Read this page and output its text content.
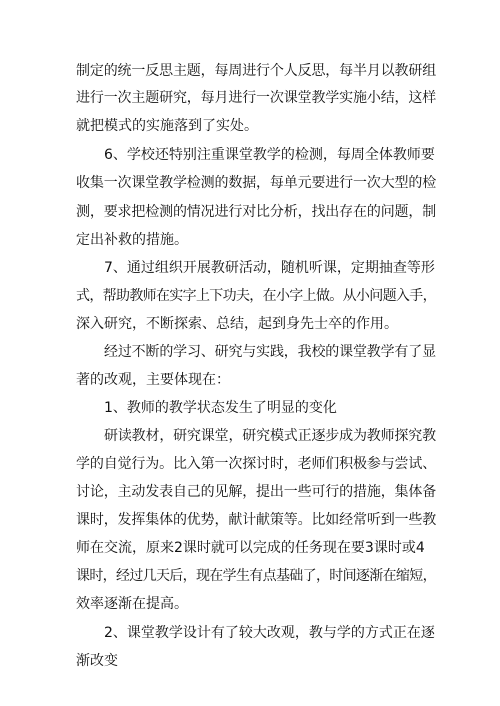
制定的统一反思主题，每周进行个人反思，每半月以教研组
进行一次主题研究，每月进行一次课堂教学实施小结，这样
就把模式的实施落到了实处。
6、学校还特别注重课堂教学的检测，每周全体教师要
收集一次课堂教学检测的数据，每单元要进行一次大型的检
测，要求把检测的情况进行对比分析，找出存在的问题，制
定出补救的措施。
7、通过组织开展教研活动，随机听课，定期抽查等形
式，帮助教师在实字上下功夫，在小字上做。从小问题入手，
深入研究，不断探索、总结，起到身先士卒的作用。
经过不断的学习、研究与实践，我校的课堂教学有了显
著的改观，主要体现在：
1、教师的教学状态发生了明显的变化
研读教材，研究课堂，研究模式正逐步成为教师探究教
学的自觉行为。比入第一次探讨时，老师们积极参与尝试、
讨论，主动发表自己的见解，提出一些可行的措施，集体备
课时，发挥集体的优势，献计献策等。比如经常听到一些教
师在交流，原来2课时就可以完成的任务现在要3课时或4
课时，经过几天后，现在学生有点基础了，时间逐渐在缩短，
效率逐渐在提高。
2、课堂教学设计有了较大改观，教与学的方式正在逐
渐改变
